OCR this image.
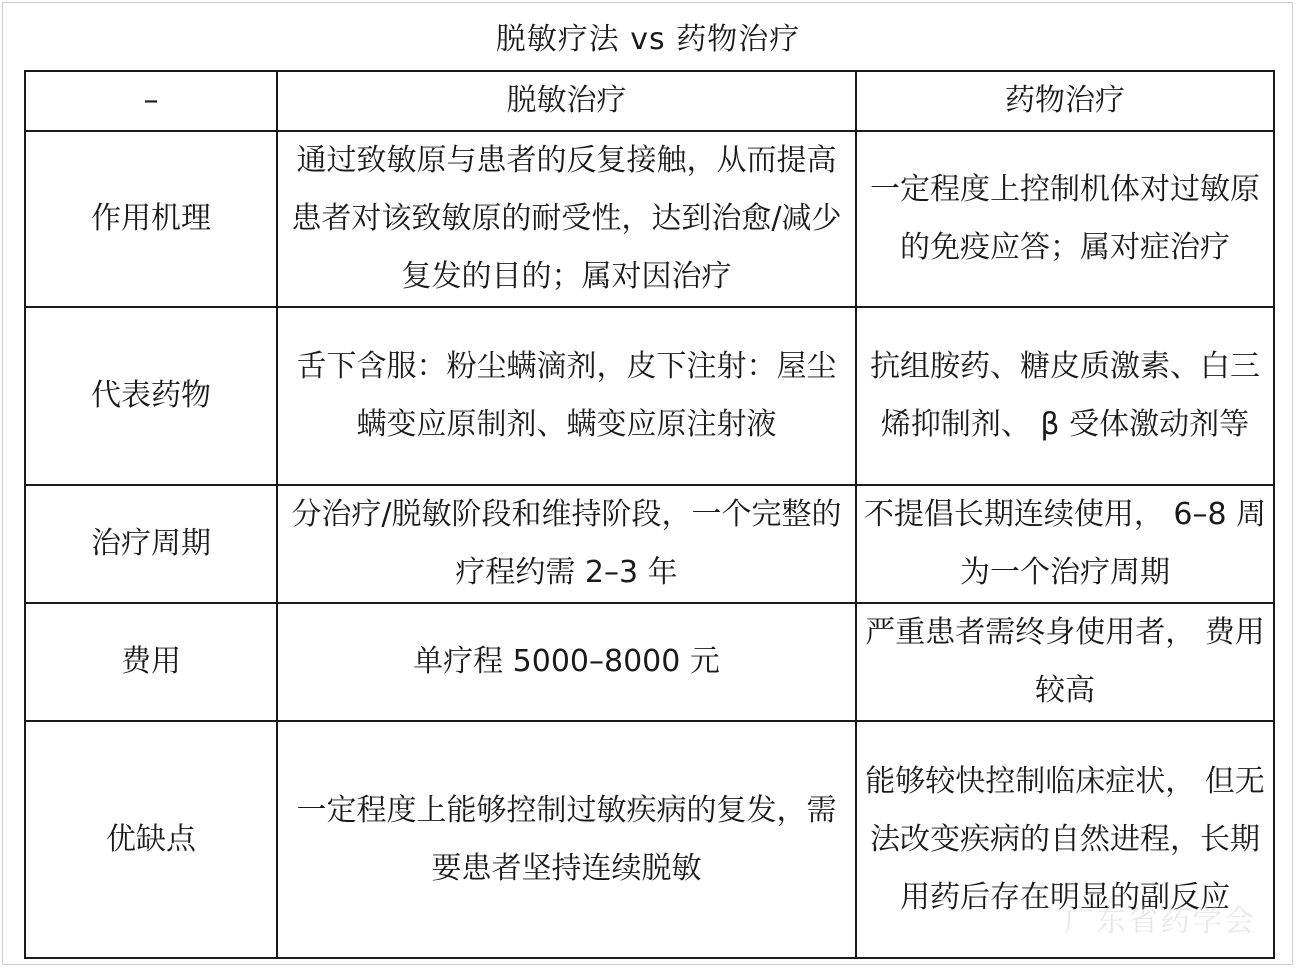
脱敏疗法 vs 药物治疗
–	脱敏治疗	药物治疗
作用机理	通过致敏原与患者的反复接触，从而提高患者对该致敏原的耐受性，达到治愈/减少复发的目的；属对因治疗	一定程度上控制机体对过敏原的免疫应答；属对症治疗
代表药物	舌下含服：粉尘螨滴剂，皮下注射：屋尘螨变应原制剂、螨变应原注射液	抗组胺药、糖皮质激素、白三烯抑制剂、 β 受体激动剂等
治疗周期	分治疗/脱敏阶段和维持阶段，一个完整的疗程约需 2–3 年	不提倡长期连续使用， 6–8 周为一个治疗周期
费用	单疗程 5000–8000 元	严重患者需终身使用者， 费用较高
优缺点	一定程度上能够控制过敏疾病的复发，需要患者坚持连续脱敏	能够较快控制临床症状， 但无法改变疾病的自然进程，长期用药后存在明显的副反应
广东省药学会
